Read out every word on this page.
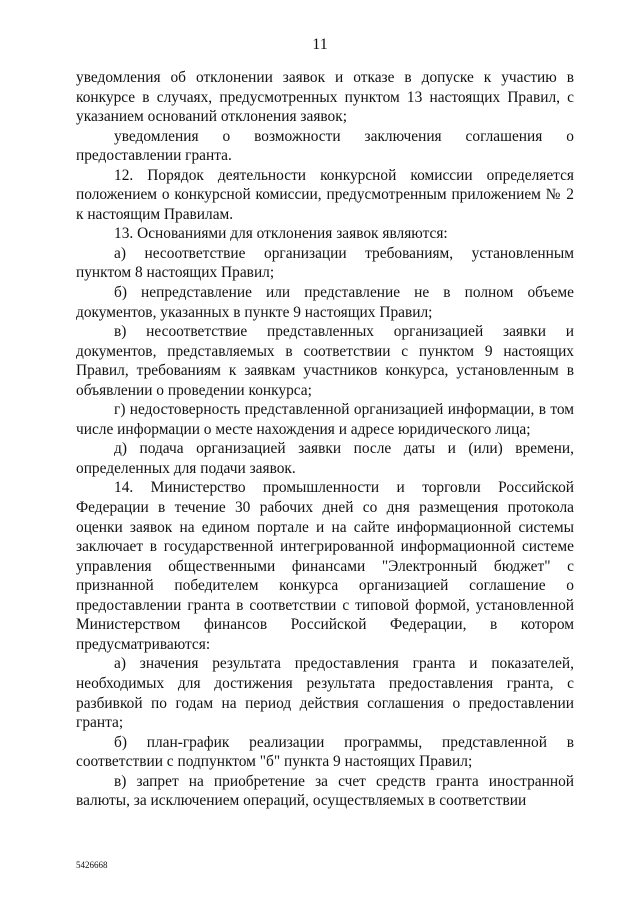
11

уведомления об отклонении заявок и отказе в допуске к участию в конкурсе в случаях, предусмотренных пунктом 13 настоящих Правил, с указанием оснований отклонения заявок;

уведомления о возможности заключения соглашения о предоставлении гранта.

12. Порядок деятельности конкурсной комиссии определяется положением о конкурсной комиссии, предусмотренным приложением № 2 к настоящим Правилам.

13. Основаниями для отклонения заявок являются:

а) несоответствие организации требованиям, установленным пунктом 8 настоящих Правил;

б) непредставление или представление не в полном объеме документов, указанных в пункте 9 настоящих Правил;

в) несоответствие представленных организацией заявки и документов, представляемых в соответствии с пунктом 9 настоящих Правил, требованиям к заявкам участников конкурса, установленным в объявлении о проведении конкурса;

г) недостоверность представленной организацией информации, в том числе информации о месте нахождения и адресе юридического лица;

д) подача организацией заявки после даты и (или) времени, определенных для подачи заявок.

14. Министерство промышленности и торговли Российской Федерации в течение 30 рабочих дней со дня размещения протокола оценки заявок на едином портале и на сайте информационной системы заключает в государственной интегрированной информационной системе управления общественными финансами "Электронный бюджет" с признанной победителем конкурса организацией соглашение о предоставлении гранта в соответствии с типовой формой, установленной Министерством финансов Российской Федерации, в котором предусматриваются:

а) значения результата предоставления гранта и показателей, необходимых для достижения результата предоставления гранта, с разбивкой по годам на период действия соглашения о предоставлении гранта;

б) план-график реализации программы, представленной в соответствии с подпунктом "б" пункта 9 настоящих Правил;

в) запрет на приобретение за счет средств гранта иностранной валюты, за исключением операций, осуществляемых в соответствии

5426668
